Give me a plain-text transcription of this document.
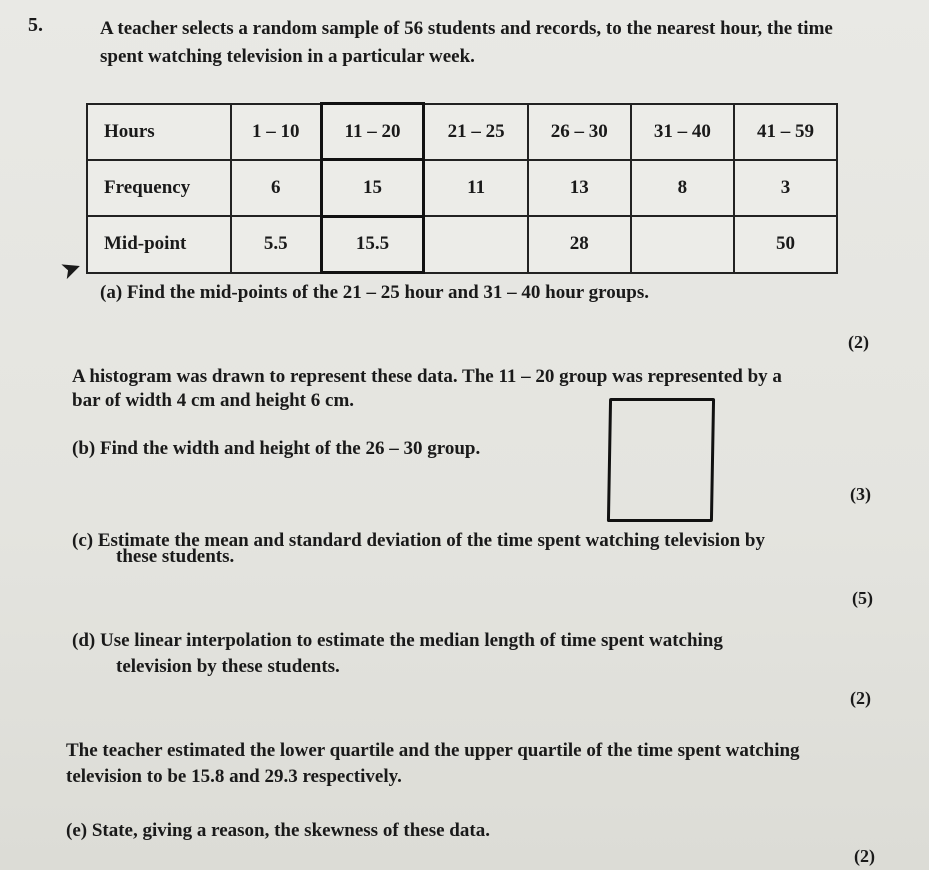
5.	A teacher selects a random sample of 56 students and records, to the nearest hour, the time
spent watching television in a particular week.
Hours	1 – 10	11 – 20	21 – 25	26 – 30	31 – 40	41 – 59
Frequency	6	15	11	13	8	3
Mid-point	5.5	15.5		28		50
➤
(a) Find the mid-points of the 21 – 25 hour and 31 – 40 hour groups.
(2)
A histogram was drawn to represent these data. The 11 – 20 group was represented by a
bar of width 4 cm and height 6 cm.
(b) Find the width and height of the 26 – 30 group.
(3)
(c) Estimate the mean and standard deviation of the time spent watching television by
these students.
(5)
(d) Use linear interpolation to estimate the median length of time spent watching
television by these students.
(2)
The teacher estimated the lower quartile and the upper quartile of the time spent watching
television to be 15.8 and 29.3 respectively.
(e) State, giving a reason, the skewness of these data.
(2)
